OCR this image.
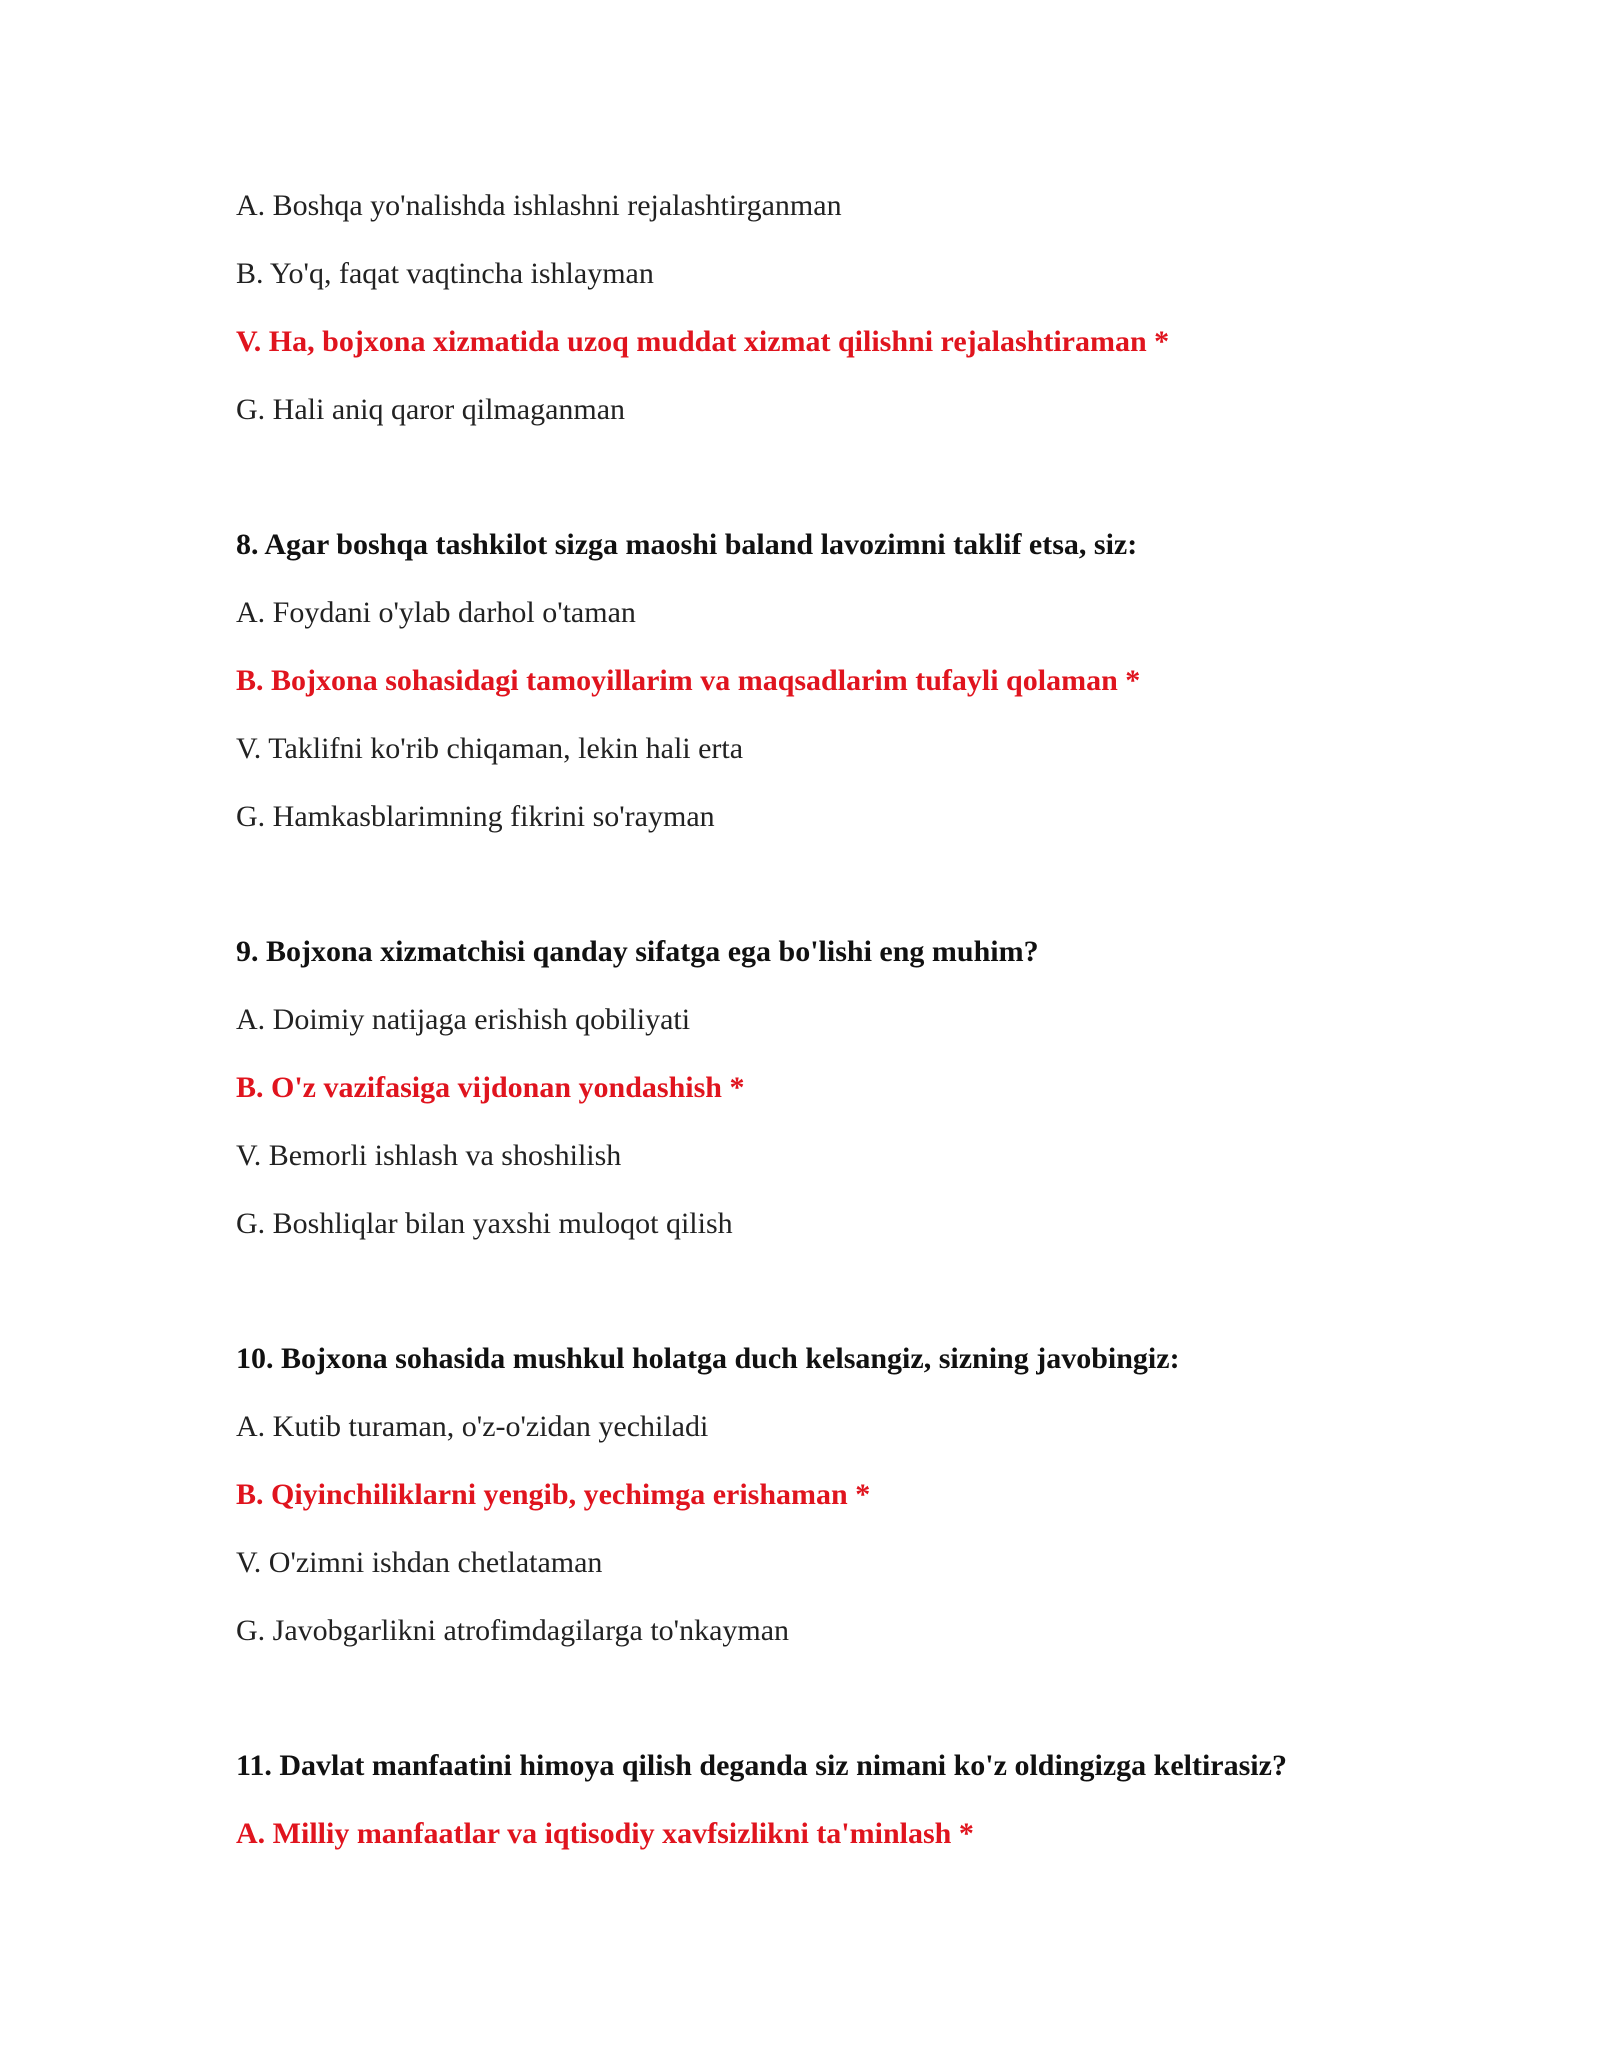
A. Boshqa yo'nalishda ishlashni rejalashtirganman
B. Yo'q, faqat vaqtincha ishlayman
V. Ha, bojxona xizmatida uzoq muddat xizmat qilishni rejalashtiraman *
G. Hali aniq qaror qilmaganman
8. Agar boshqa tashkilot sizga maoshi baland lavozimni taklif etsa, siz:
A. Foydani o'ylab darhol o'taman
B. Bojxona sohasidagi tamoyillarim va maqsadlarim tufayli qolaman *
V. Taklifni ko'rib chiqaman, lekin hali erta
G. Hamkasblarimning fikrini so'rayman
9. Bojxona xizmatchisi qanday sifatga ega bo'lishi eng muhim?
A. Doimiy natijaga erishish qobiliyati
B. O'z vazifasiga vijdonan yondashish *
V. Bemorli ishlash va shoshilish
G. Boshliqlar bilan yaxshi muloqot qilish
10. Bojxona sohasida mushkul holatga duch kelsangiz, sizning javobingiz:
A. Kutib turaman, o'z-o'zidan yechiladi
B. Qiyinchiliklarni yengib, yechimga erishaman *
V. O'zimni ishdan chetlataman
G. Javobgarlikni atrofimdagilarga to'nkayman
11. Davlat manfaatini himoya qilish deganda siz nimani ko'z oldingizga keltirasiz?
A. Milliy manfaatlar va iqtisodiy xavfsizlikni ta'minlash *
